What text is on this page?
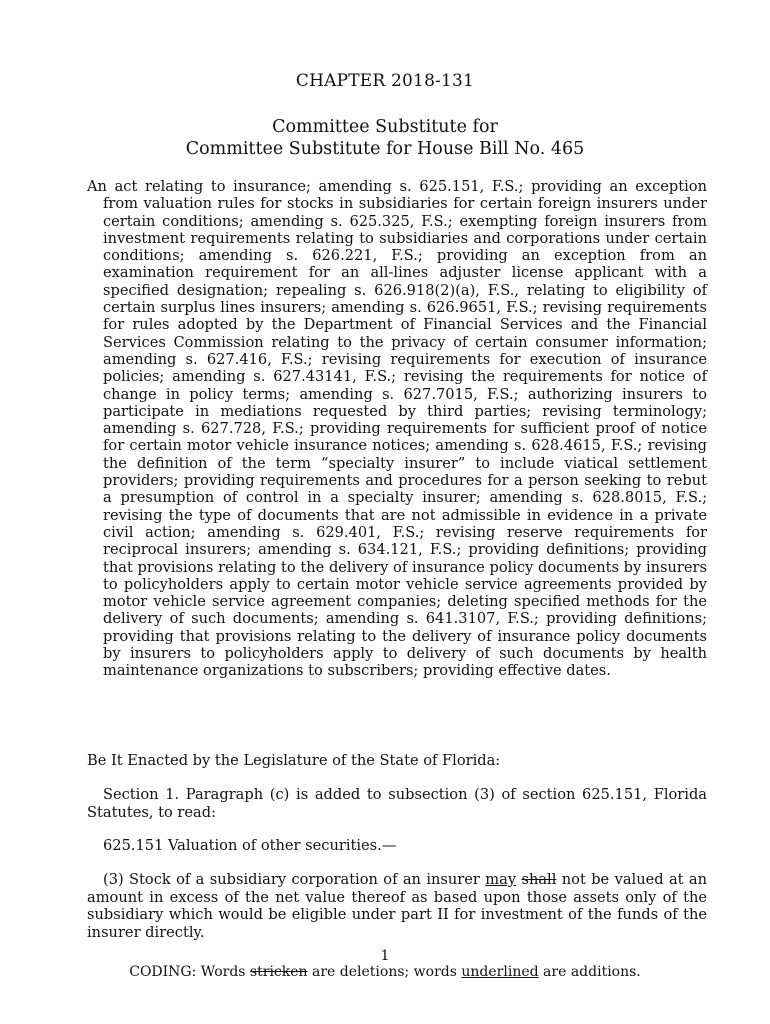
CHAPTER 2018-131
Committee Substitute for
Committee Substitute for House Bill No. 465
An act relating to insurance; amending s. 625.151, F.S.; providing an exception from valuation rules for stocks in subsidiaries for certain foreign insurers under certain conditions; amending s. 625.325, F.S.; exempting foreign insurers from investment requirements relating to subsidiaries and corporations under certain conditions; amending s. 626.221, F.S.; providing an exception from an examination requirement for an all-lines adjuster license applicant with a specified designation; repealing s. 626.918(2)(a), F.S., relating to eligibility of certain surplus lines insurers; amending s. 626.9651, F.S.; revising requirements for rules adopted by the Department of Financial Services and the Financial Services Commission relating to the privacy of certain consumer information; amending s. 627.416, F.S.; revising requirements for execution of insurance policies; amending s. 627.43141, F.S.; revising the requirements for notice of change in policy terms; amending s. 627.7015, F.S.; authorizing insurers to participate in mediations requested by third parties; revising terminology; amending s. 627.728, F.S.; providing requirements for sufficient proof of notice for certain motor vehicle insurance notices; amending s. 628.4615, F.S.; revising the definition of the term “specialty insurer” to include viatical settlement providers; providing requirements and procedures for a person seeking to rebut a presumption of control in a specialty insurer; amending s. 628.8015, F.S.; revising the type of documents that are not admissible in evidence in a private civil action; amending s. 629.401, F.S.; revising reserve requirements for reciprocal insurers; amending s. 634.121, F.S.; providing definitions; providing that provisions relating to the delivery of insurance policy documents by insurers to policyholders apply to certain motor vehicle service agreements provided by motor vehicle service agreement companies; deleting specified methods for the delivery of such documents; amending s. 641.3107, F.S.; providing definitions; providing that provisions relating to the delivery of insurance policy documents by insurers to policyholders apply to delivery of such documents by health maintenance organizations to subscribers; providing effective dates.
Be It Enacted by the Legislature of the State of Florida:
Section 1. Paragraph (c) is added to subsection (3) of section 625.151, Florida Statutes, to read:
625.151 Valuation of other securities.—
(3) Stock of a subsidiary corporation of an insurer may shall not be valued at an amount in excess of the net value thereof as based upon those assets only of the subsidiary which would be eligible under part II for investment of the funds of the insurer directly.
1
CODING: Words stricken are deletions; words underlined are additions.
